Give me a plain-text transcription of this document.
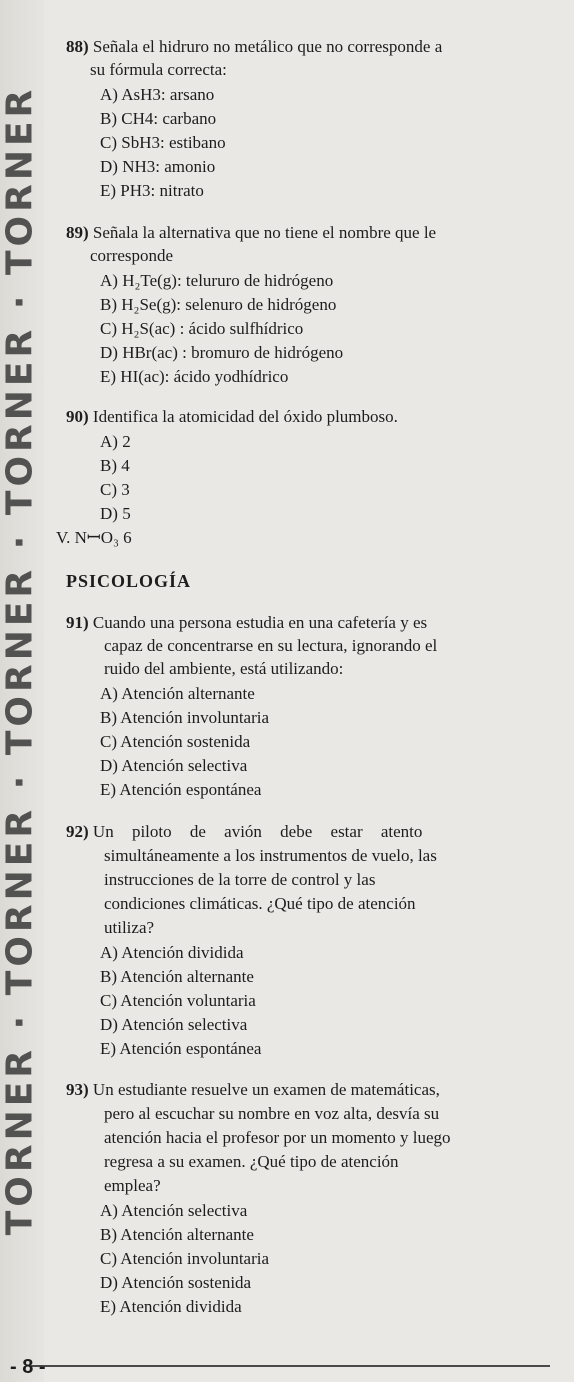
TORNER · TORNER · TORNER · TORNER · TORNER
88) Señala el hidruro no metálico que no corresponde a
su fórmula correcta:
A) AsH3: arsano
B) CH4: carbano
C) SbH3: estibano
D) NH3: amonio
E) PH3: nitrato
89) Señala la alternativa que no tiene el nombre que le
corresponde
A) H₂Te(g): telururo de hidrógeno
B) H₂Se(g): selenuro de hidrógeno
C) H₂S(ac) : ácido sulfhídrico
D) HBr(ac) : bromuro de hidrógeno
E) HI(ac): ácido yodhídrico
90) Identifica la atomicidad del óxido plumboso.
A) 2
B) 4
C) 3
D) 5
V. NꟷO₃ 6
PSICOLOGÍA
91) Cuando una persona estudia en una cafetería y es
capaz de concentrarse en su lectura, ignorando el
ruido del ambiente, está utilizando:
A) Atención alternante
B) Atención involuntaria
C) Atención sostenida
D) Atención selectiva
E) Atención espontánea
92) Un piloto de avión debe estar atento
simultáneamente a los instrumentos de vuelo, las
instrucciones de la torre de control y las
condiciones climáticas. ¿Qué tipo de atención
utiliza?
A) Atención dividida
B) Atención alternante
C) Atención voluntaria
D) Atención selectiva
E) Atención espontánea
93) Un estudiante resuelve un examen de matemáticas,
pero al escuchar su nombre en voz alta, desvía su
atención hacia el profesor por un momento y luego
regresa a su examen. ¿Qué tipo de atención
emplea?
A) Atención selectiva
B) Atención alternante
C) Atención involuntaria
D) Atención sostenida
E) Atención dividida
- 8 -
